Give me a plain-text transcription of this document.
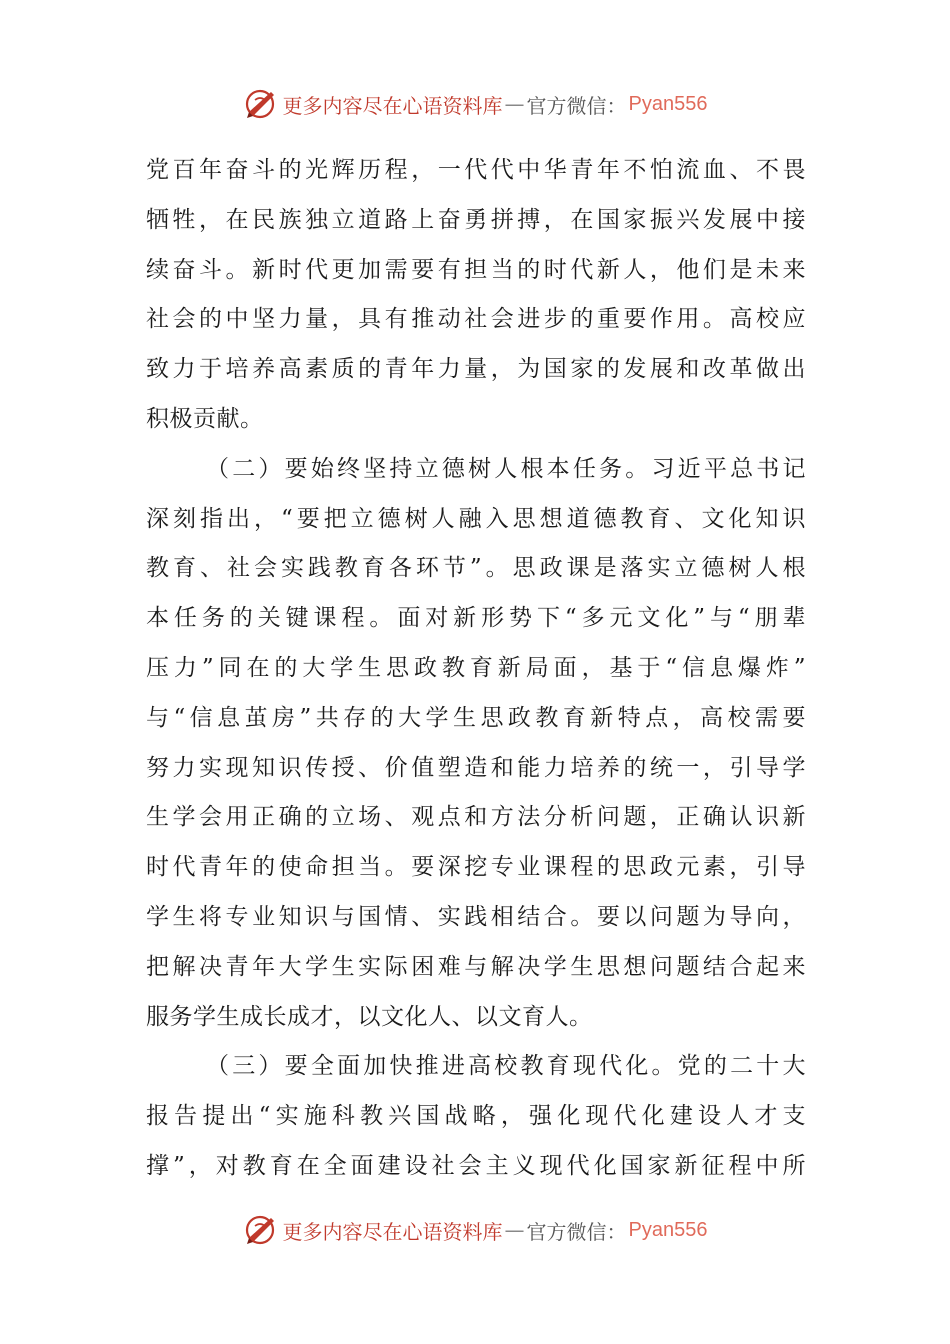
更多内容尽在心语资料库 — 官方微信： Pyan556
党百年奋斗的光辉历程，一代代中华青年不怕流血、不畏
牺牲，在民族独立道路上奋勇拼搏，在国家振兴发展中接
续奋斗。新时代更加需要有担当的时代新人，他们是未来
社会的中坚力量，具有推动社会进步的重要作用。高校应
致力于培养高素质的青年力量，为国家的发展和改革做出
积极贡献。
（二）要始终坚持立德树人根本任务。习近平总书记
深刻指出，“要把立德树人融入思想道德教育、文化知识
教育、社会实践教育各环节”。思政课是落实立德树人根
本任务的关键课程。面对新形势下“多元文化”与“朋辈
压力”同在的大学生思政教育新局面，基于“信息爆炸”
与“信息茧房”共存的大学生思政教育新特点，高校需要
努力实现知识传授、价值塑造和能力培养的统一，引导学
生学会用正确的立场、观点和方法分析问题，正确认识新
时代青年的使命担当。要深挖专业课程的思政元素，引导
学生将专业知识与国情、实践相结合。要以问题为导向，
把解决青年大学生实际困难与解决学生思想问题结合起来
服务学生成长成才，以文化人、以文育人。
（三）要全面加快推进高校教育现代化。党的二十大
报告提出“实施科教兴国战略，强化现代化建设人才支
撑”，对教育在全面建设社会主义现代化国家新征程中所
更多内容尽在心语资料库 — 官方微信： Pyan556
